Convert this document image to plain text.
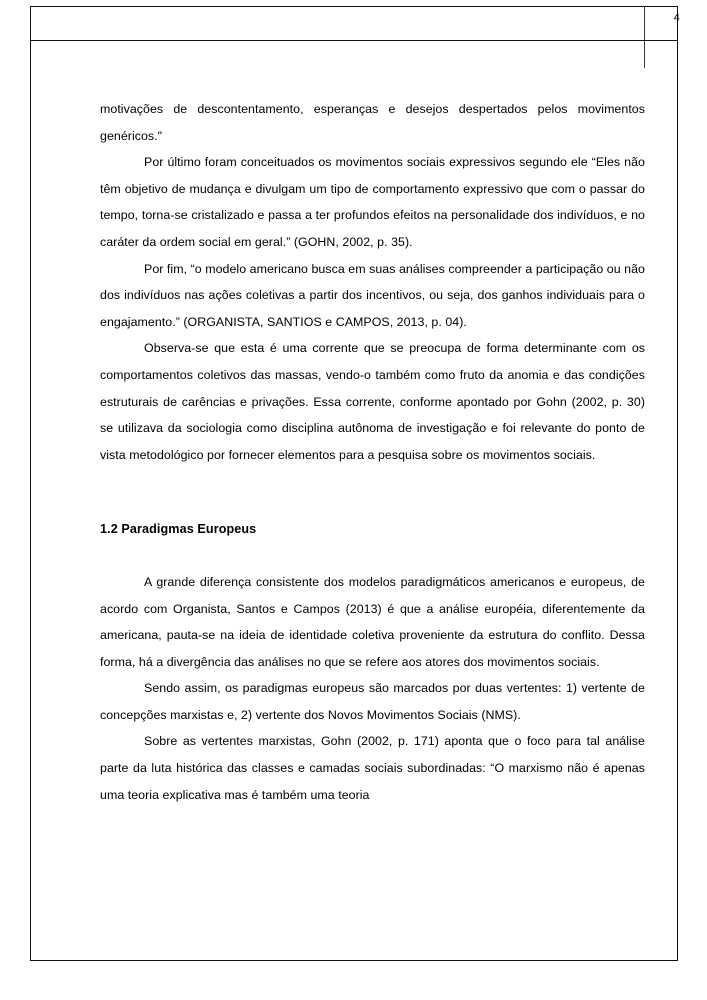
4

motivações de descontentamento, esperanças e desejos despertados pelos movimentos genéricos."

Por último foram conceituados os movimentos sociais expressivos segundo ele “Eles não têm objetivo de mudança e divulgam um tipo de comportamento expressivo que com o passar do tempo, torna-se cristalizado e passa a ter profundos efeitos na personalidade dos indivíduos, e no caráter da ordem social em geral.” (GOHN, 2002, p. 35).

Por fim, “o modelo americano busca em suas análises compreender a participação ou não dos indivíduos nas ações coletivas a partir dos incentivos, ou seja, dos ganhos individuais para o engajamento.” (ORGANISTA, SANTIOS e CAMPOS, 2013, p. 04).

Observa-se que esta é uma corrente que se preocupa de forma determinante com os comportamentos coletivos das massas, vendo-o também como fruto da anomia e das condições estruturais de carências e privações. Essa corrente, conforme apontado por Gohn (2002, p. 30) se utilizava da sociologia como disciplina autônoma de investigação e foi relevante do ponto de vista metodológico por fornecer elementos para a pesquisa sobre os movimentos sociais.

1.2 Paradigmas Europeus

A grande diferença consistente dos modelos paradigmáticos americanos e europeus, de acordo com Organista, Santos e Campos (2013) é que a análise européia, diferentemente da americana, pauta-se na ideia de identidade coletiva proveniente da estrutura do conflito. Dessa forma, há a divergência das análises no que se refere aos atores dos movimentos sociais.

Sendo assim, os paradigmas europeus são marcados por duas vertentes: 1) vertente de concepções marxistas e, 2) vertente dos Novos Movimentos Sociais (NMS).

Sobre as vertentes marxistas, Gohn (2002, p. 171) aponta que o foco para tal análise parte da luta histórica das classes e camadas sociais subordinadas: “O marxismo não é apenas uma teoria explicativa mas é também uma teoria
